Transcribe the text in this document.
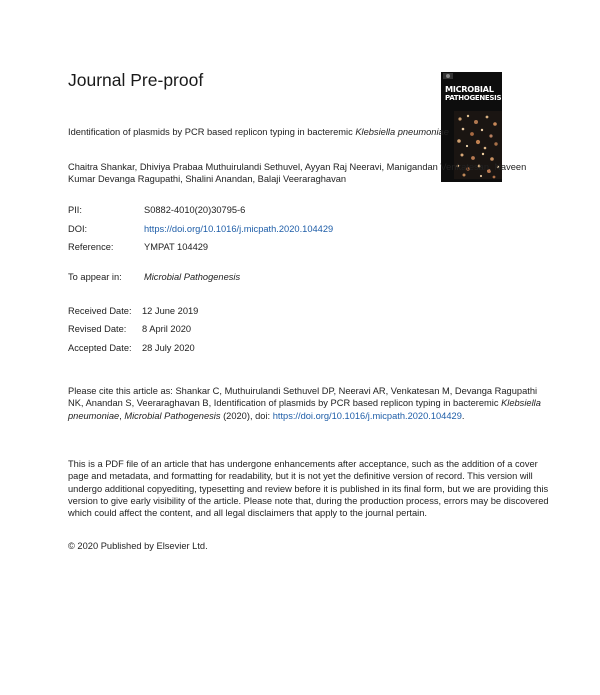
Journal Pre-proof	MICROBIAL
PATHOGENESIS
Identification of plasmids by PCR based replicon typing in bacteremic Klebsiella pneumoniae
Chaitra Shankar, Dhiviya Prabaa Muthuirulandi Sethuvel, Ayyan Raj Neeravi, Manigandan Venkatesan, Naveen Kumar Devanga Ragupathi, Shalini Anandan, Balaji Veeraraghavan
PII:	S0882-4010(20)30795-6
DOI:	https://doi.org/10.1016/j.micpath.2020.104429
Reference:	YMPAT 104429
To appear in: Microbial Pathogenesis
Received Date: 12 June 2019
Revised Date: 8 April 2020
Accepted Date: 28 July 2020
Please cite this article as: Shankar C, Muthuirulandi Sethuvel DP, Neeravi AR, Venkatesan M, Devanga Ragupathi NK, Anandan S, Veeraraghavan B, Identification of plasmids by PCR based replicon typing in bacteremic Klebsiella pneumoniae, Microbial Pathogenesis (2020), doi: https://doi.org/10.1016/j.micpath.2020.104429.
This is a PDF file of an article that has undergone enhancements after acceptance, such as the addition of a cover page and metadata, and formatting for readability, but it is not yet the definitive version of record. This version will undergo additional copyediting, typesetting and review before it is published in its final form, but we are providing this version to give early visibility of the article. Please note that, during the production process, errors may be discovered which could affect the content, and all legal disclaimers that apply to the journal pertain.
© 2020 Published by Elsevier Ltd.
